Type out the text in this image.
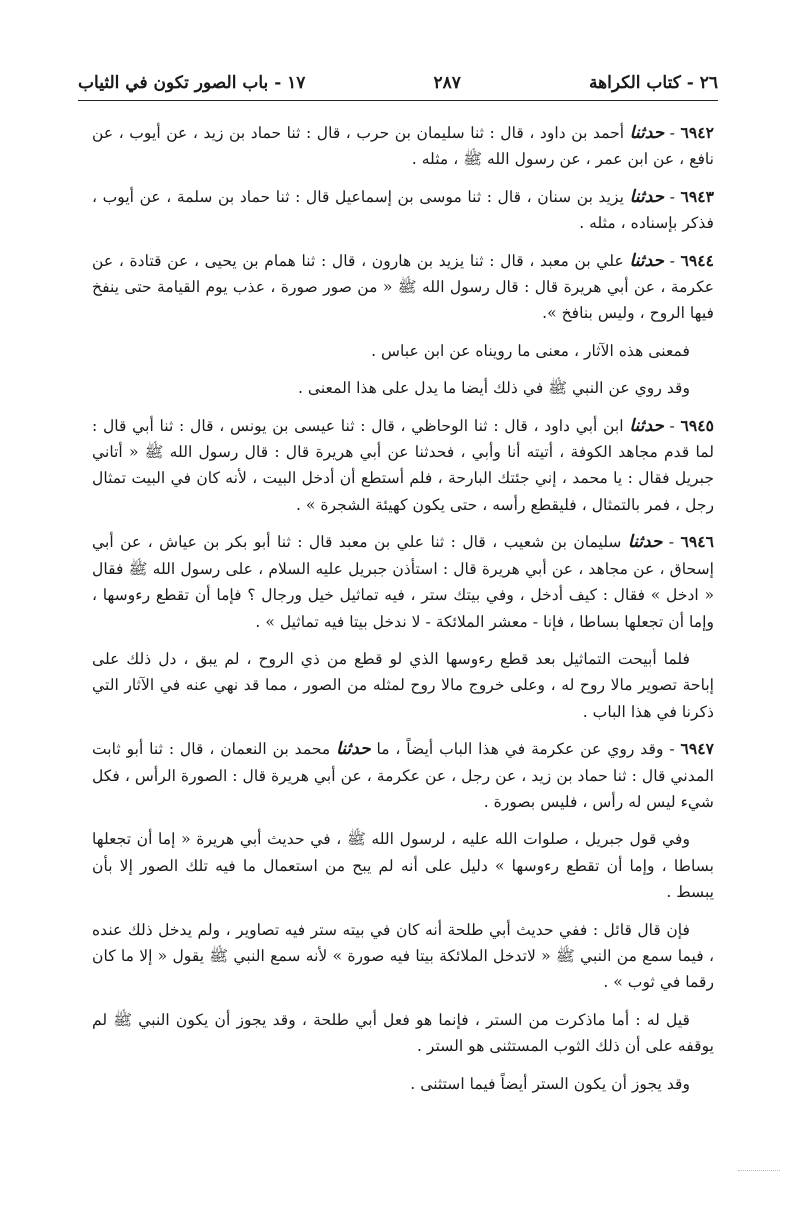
٢٦ - كتاب الكراهة
٢٨٧
١٧ - باب الصور تكون في الثياب

٦٩٤٢ - حدثنا أحمد بن داود ، قال : ثنا سليمان بن حرب ، قال : ثنا حماد بن زيد ، عن أيوب ، عن نافع ، عن ابن عمر ، عن رسول الله ﷺ ، مثله .

٦٩٤٣ - حدثنا يزيد بن سنان ، قال : ثنا موسى بن إسماعيل قال : ثنا حماد بن سلمة ، عن أيوب ، فذكر بإسناده ، مثله .

٦٩٤٤ - حدثنا علي بن معبد ، قال : ثنا يزيد بن هارون ، قال : ثنا همام بن يحيى ، عن قتادة ، عن عكرمة ، عن أبي هريرة قال : قال رسول الله ﷺ « من صور صورة ، عذب يوم القيامة حتى ينفخ فيها الروح ، وليس بنافخ ».

فمعنى هذه الآثار ، معنى ما رويناه عن ابن عباس .

وقد روي عن النبي ﷺ في ذلك أيضا ما يدل على هذا المعنى .

٦٩٤٥ - حدثنا ابن أبي داود ، قال : ثنا الوحاظي ، قال : ثنا عيسى بن يونس ، قال : ثنا أبي قال : لما قدم مجاهد الكوفة ، أتيته أنا وأبي ، فحدثنا عن أبي هريرة قال : قال رسول الله ﷺ « أتاني جبريل فقال : يا محمد ، إني جئتك البارحة ، فلم أستطع أن أدخل البيت ، لأنه كان في البيت تمثال رجل ، فمر بالتمثال ، فليقطع رأسه ، حتى يكون كهيئة الشجرة » .

٦٩٤٦ - حدثنا سليمان بن شعيب ، قال : ثنا علي بن معبد قال : ثنا أبو بكر بن عياش ، عن أبي إسحاق ، عن مجاهد ، عن أبي هريرة قال : استأذن جبريل عليه السلام ، على رسول الله ﷺ فقال « ادخل » فقال : كيف أدخل ، وفي بيتك ستر ، فيه تماثيل خيل ورجال ؟ فإما أن تقطع رءوسها ، وإما أن تجعلها بساطا ، فإنا - معشر الملائكة - لا ندخل بيتا فيه تماثيل » .

فلما أبيحت التماثيل بعد قطع رءوسها الذي لو قطع من ذي الروح ، لم يبق ، دل ذلك على إباحة تصوير مالا روح له ، وعلى خروج مالا روح لمثله من الصور ، مما قد نهي عنه في الآثار التي ذكرنا في هذا الباب .

٦٩٤٧ - وقد روي عن عكرمة في هذا الباب أيضاً ، ما حدثنا محمد بن النعمان ، قال : ثنا أبو ثابت المدني قال : ثنا حماد بن زيد ، عن رجل ، عن عكرمة ، عن أبي هريرة قال : الصورة الرأس ، فكل شيء ليس له رأس ، فليس بصورة .

وفي قول جبريل ، صلوات الله عليه ، لرسول الله ﷺ ، في حديث أبي هريرة « إما أن تجعلها بساطا ، وإما أن تقطع رءوسها » دليل على أنه لم يبح من استعمال ما فيه تلك الصور إلا بأن يبسط .

فإن قال قائل : ففي حديث أبي طلحة أنه كان في بيته ستر فيه تصاوير ، ولم يدخل ذلك عنده ، فيما سمع من النبي ﷺ « لاتدخل الملائكة بيتا فيه صورة » لأنه سمع النبي ﷺ يقول « إلا ما كان رقما في ثوب » .

قيل له : أما ماذكرت من الستر ، فإنما هو فعل أبي طلحة ، وقد يجوز أن يكون النبي ﷺ لم يوقفه على أن ذلك الثوب المستثنى هو الستر .

وقد يجوز أن يكون الستر أيضاً فيما استثنى .
